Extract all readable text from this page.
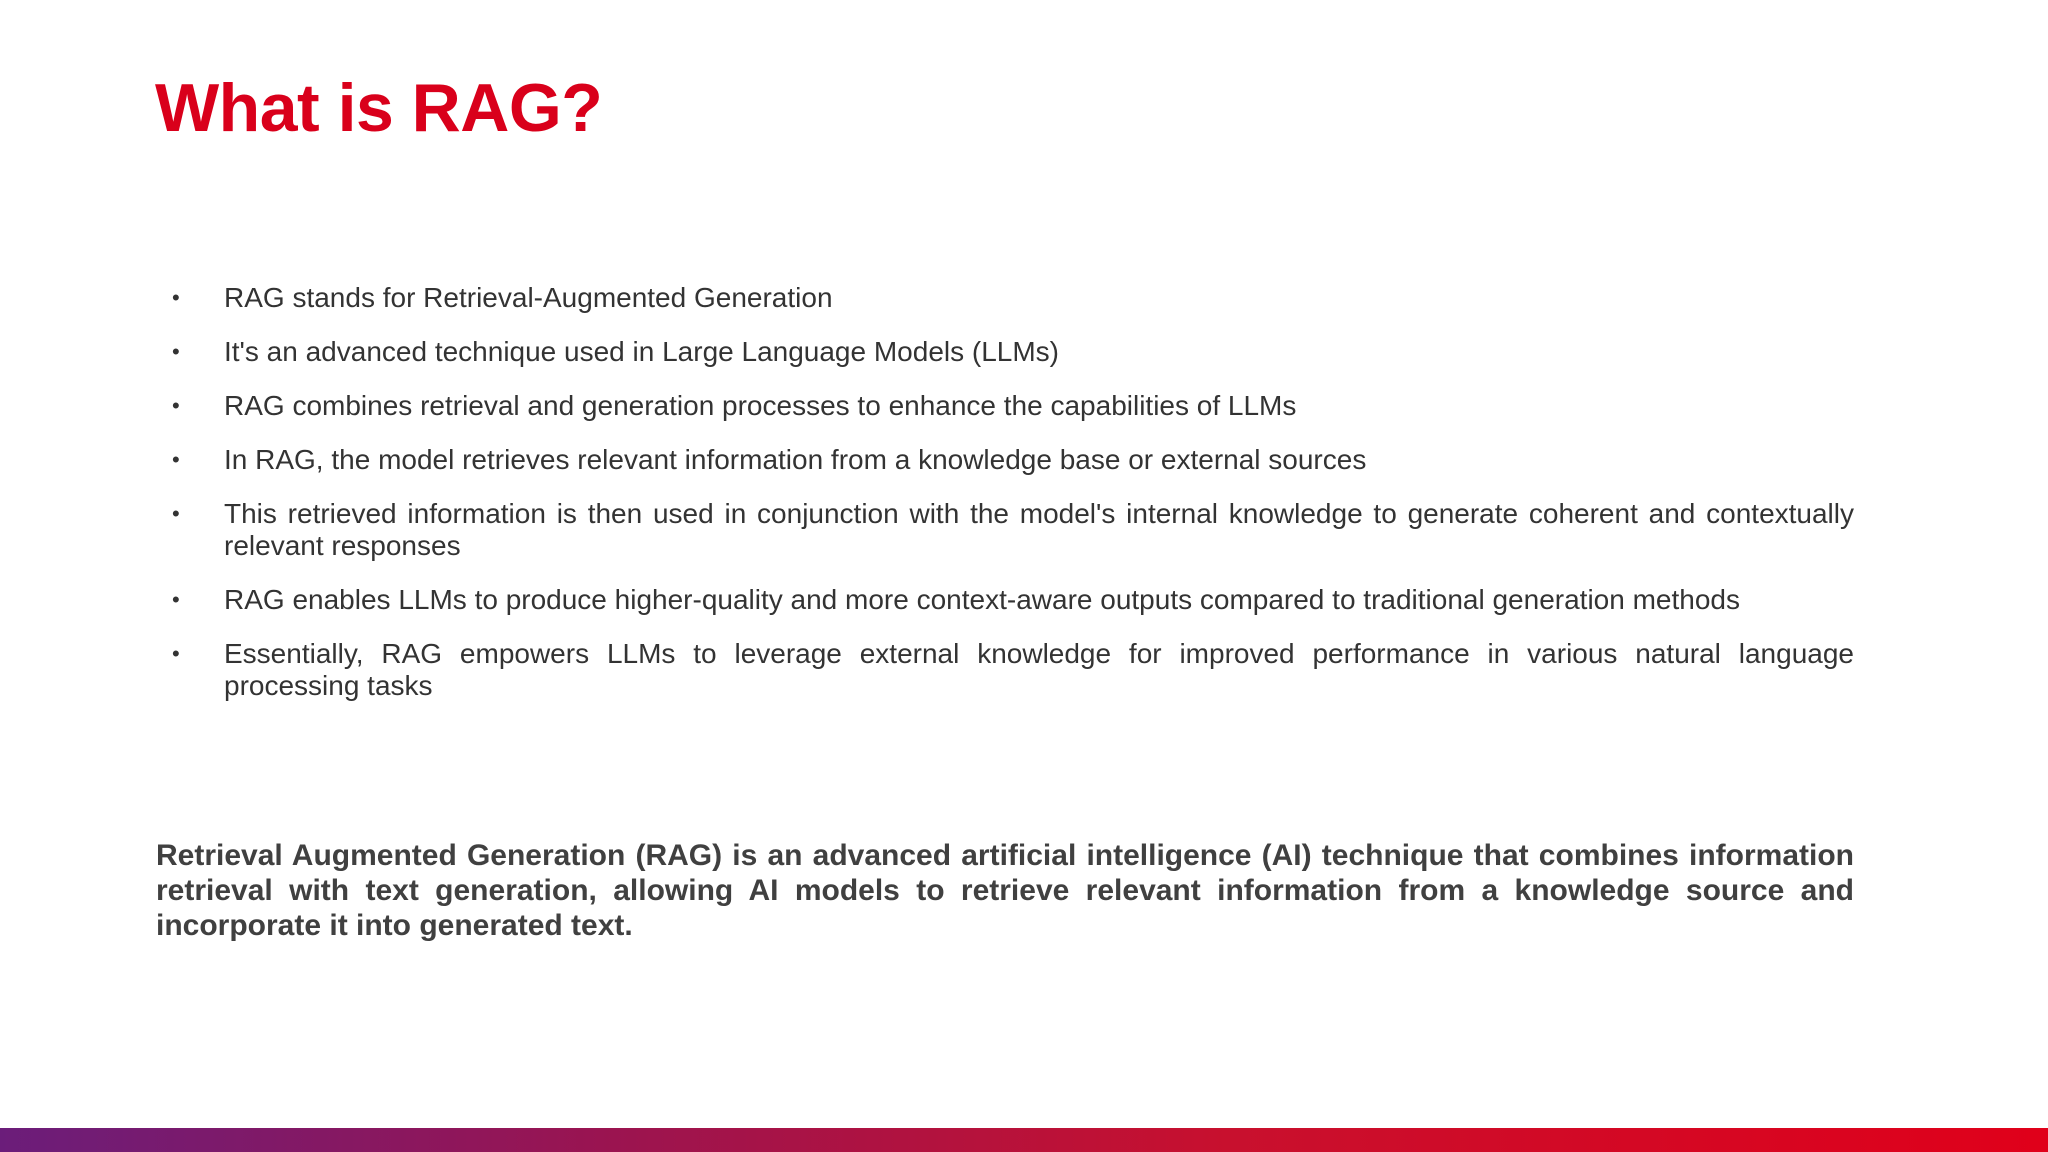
What is RAG?
•	RAG stands for Retrieval-Augmented Generation
•	It's an advanced technique used in Large Language Models (LLMs)
•	RAG combines retrieval and generation processes to enhance the capabilities of LLMs
•	In RAG, the model retrieves relevant information from a knowledge base or external sources
•	This retrieved information is then used in conjunction with the model's internal knowledge to generate coherent and contextually relevant responses
•	RAG enables LLMs to produce higher-quality and more context-aware outputs compared to traditional generation methods
•	Essentially, RAG empowers LLMs to leverage external knowledge for improved performance in various natural language processing tasks

Retrieval Augmented Generation (RAG) is an advanced artificial intelligence (AI) technique that combines information retrieval with text generation, allowing AI models to retrieve relevant information from a knowledge source and incorporate it into generated text.
